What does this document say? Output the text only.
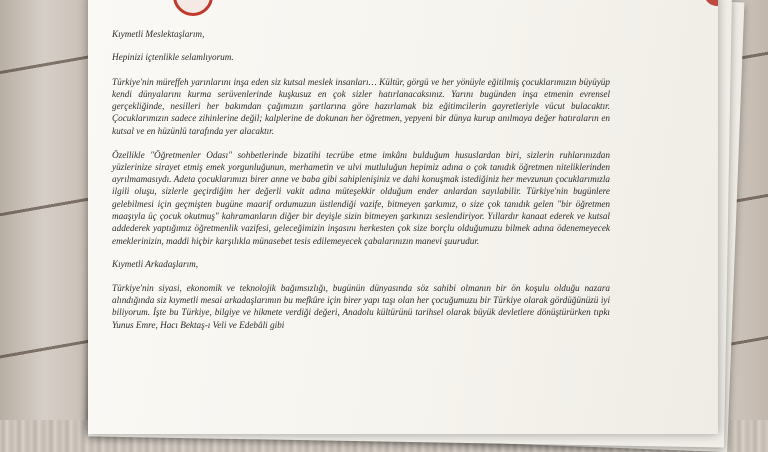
Kıymetli Meslektaşlarım,

Hepinizi içtenlikle selamlıyorum.

Türkiye'nin müreffeh yarınlarını inşa eden siz kutsal meslek insanları… Kültür, görgü ve her yönüyle eğitilmiş çocuklarımızın büyüyüp kendi dünyalarını kurma serüvenlerinde kuşkusuz en çok sizler hatırlanacaksınız. Yarını bugünden inşa etmenin evrensel gerçekliğinde, nesilleri her bakımdan çağımızın şartlarına göre hazırlamak biz eğitimcilerin gayretleriyle vücut bulacaktır. Çocuklarımızın sadece zihinlerine değil; kalplerine de dokunan her öğretmen, yepyeni bir dünya kurup anılmaya değer hatıraların en kutsal ve en hüzünlü tarafında yer alacaktır.

Özellikle "Öğretmenler Odası" sohbetlerinde bizatihi tecrübe etme imkânı bulduğum hususlardan biri, sizlerin ruhlarınızdan yüzlerinize sirayet etmiş emek yorgunluğunun, merhametin ve ulvi mutluluğun hepimiz adına o çok tanıdık öğretmen niteliklerinden ayrılmamasıydı. Adeta çocuklarımızı birer anne ve baba gibi sahiplenişiniz ve dahi konuşmak istediğiniz her mevzunun çocuklarımızla ilgili oluşu, sizlerle geçirdiğim her değerli vakit adına müteşekkir olduğum ender anlardan sayılabilir. Türkiye'nin bugünlere gelebilmesi için geçmişten bugüne maarif ordumuzun üstlendiği vazife, bitmeyen şarkımız, o size çok tanıdık gelen "bir öğretmen maaşıyla üç çocuk okutmuş" kahramanların diğer bir deyişle sizin bitmeyen şarkınızı seslendiriyor. Yıllardır kanaat ederek ve kutsal addederek yaptığımız öğretmenlik vazifesi, geleceğimizin inşasını herkesten çok size borçlu olduğumuzu bilmek adına ödenemeyecek emeklerinizin, maddi hiçbir karşılıkla münasebet tesis edilemeyecek çabalarınızın manevi şuurudur.

Kıymetli Arkadaşlarım,

Türkiye'nin siyasi, ekonomik ve teknolojik bağımsızlığı, bugünün dünyasında söz sahibi olmanın bir ön koşulu olduğu nazara alındığında siz kıymetli mesai arkadaşlarımın bu mefkûre için birer yapı taşı olan her çocuğumuzu bir Türkiye olarak gördüğünüzü iyi biliyorum. İşte bu Türkiye, bilgiye ve hikmete verdiği değeri, Anadolu kültürünü tarihsel olarak büyük devletlere dönüştürürken tıpkı Yunus Emre, Hacı Bektaş-ı Veli ve Edebâli gibi
